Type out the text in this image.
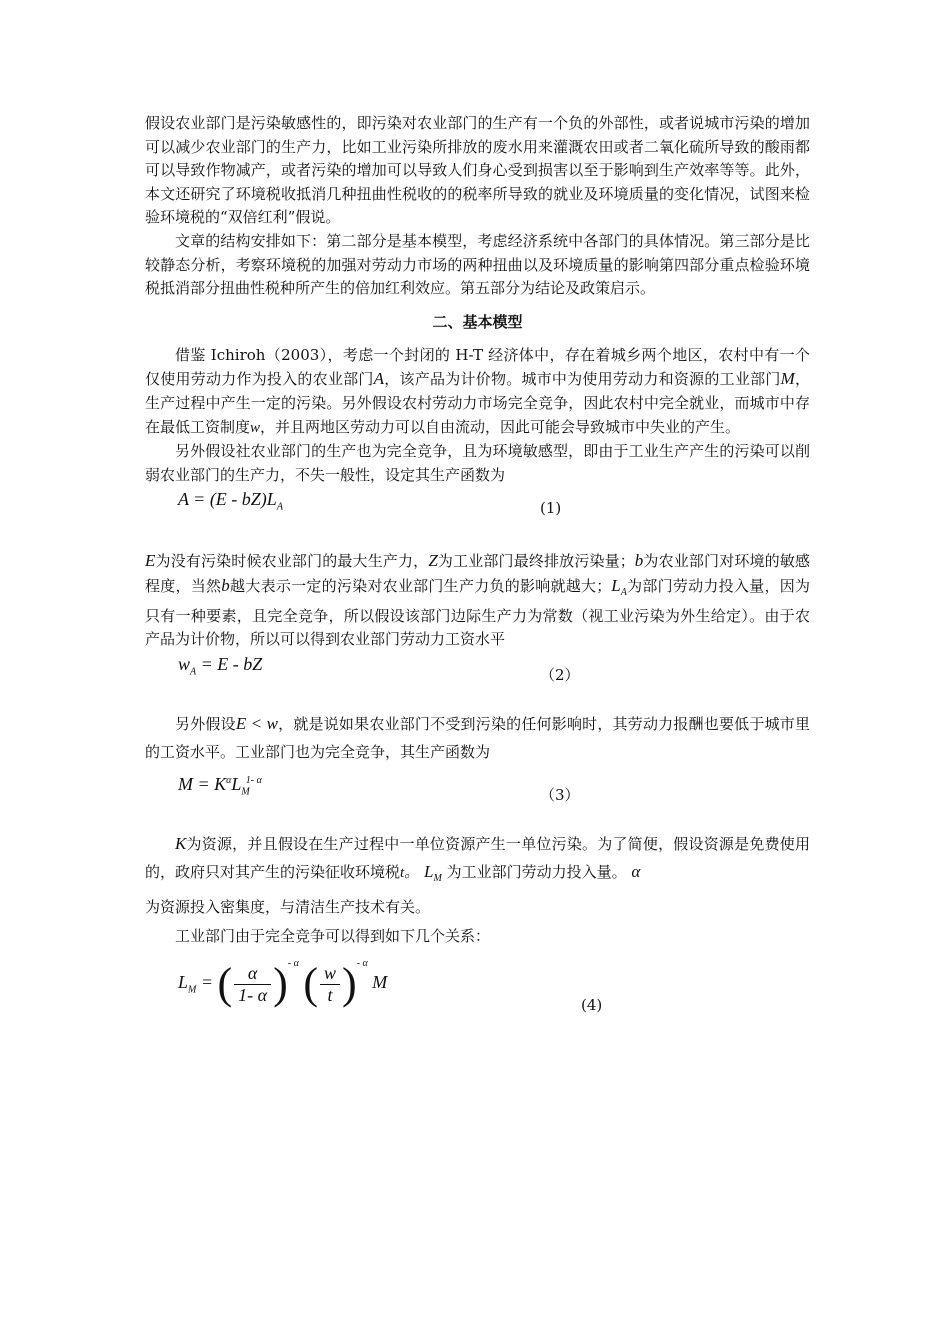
假设农业部门是污染敏感性的，即污染对农业部门的生产有一个负的外部性，或者说城市污染的增加可以减少农业部门的生产力，比如工业污染所排放的废水用来灌溉农田或者二氧化硫所导致的酸雨都可以导致作物减产，或者污染的增加可以导致人们身心受到损害以至于影响到生产效率等等。此外，本文还研究了环境税收抵消几种扭曲性税收的的税率所导致的就业及环境质量的变化情况，试图来检验环境税的“双倍红利”假说。

文章的结构安排如下：第二部分是基本模型，考虑经济系统中各部门的具体情况。第三部分是比较静态分析，考察环境税的加强对劳动力市场的两种扭曲以及环境质量的影响第四部分重点检验环境税抵消部分扭曲性税种所产生的倍加红利效应。第五部分为结论及政策启示。

二、基本模型

借鉴 Ichiroh（2003），考虑一个封闭的 H-T 经济体中，存在着城乡两个地区，农村中有一个仅使用劳动力作为投入的农业部门A，该产品为计价物。城市中为使用劳动力和资源的工业部门M，生产过程中产生一定的污染。另外假设农村劳动力市场完全竞争，因此农村中完全就业，而城市中存在最低工资制度w，并且两地区劳动力可以自由流动，因此可能会导致城市中失业的产生。

另外假设社农业部门的生产也为完全竞争，且为环境敏感型，即由于工业生产产生的污染可以削弱农业部门的生产力，不失一般性，设定其生产函数为

$A = (E - bZ)L_A$	(1)

E为没有污染时候农业部门的最大生产力，Z为工业部门最终排放污染量；b为农业部门对环境的敏感程度，当然b越大表示一定的污染对农业部门生产力负的影响就越大；$L_A$为部门劳动力投入量，因为只有一种要素，且完全竞争，所以假设该部门边际生产力为常数（视工业污染为外生给定）。由于农产品为计价物，所以可以得到农业部门劳动力工资水平

$w_A = E$ - bZ
（2）

另外假设E < w，就是说如果农业部门不受到污染的任何影响时，其劳动力报酬也要低于城市里的工资水平。工业部门也为完全竞争，其生产函数为

$M = K^\alpha L_M^{1- \alpha}$
（3）

K为资源，并且假设在生产过程中一单位资源产生一单位污染。为了简便，假设资源是免费使用的，政府只对其产生的污染征收环境税t。 $L_M$ 为工业部门劳动力投入量。 α
为资源投入密集度，与清洁生产技术有关。

工业部门由于完全竞争可以得到如下几个关系：

$L_M$ = ( $\frac{\alpha}{1- \alpha} )^{- \alpha}$ ( $\frac{w}{t} )^{- \alpha}$ M
(4)
